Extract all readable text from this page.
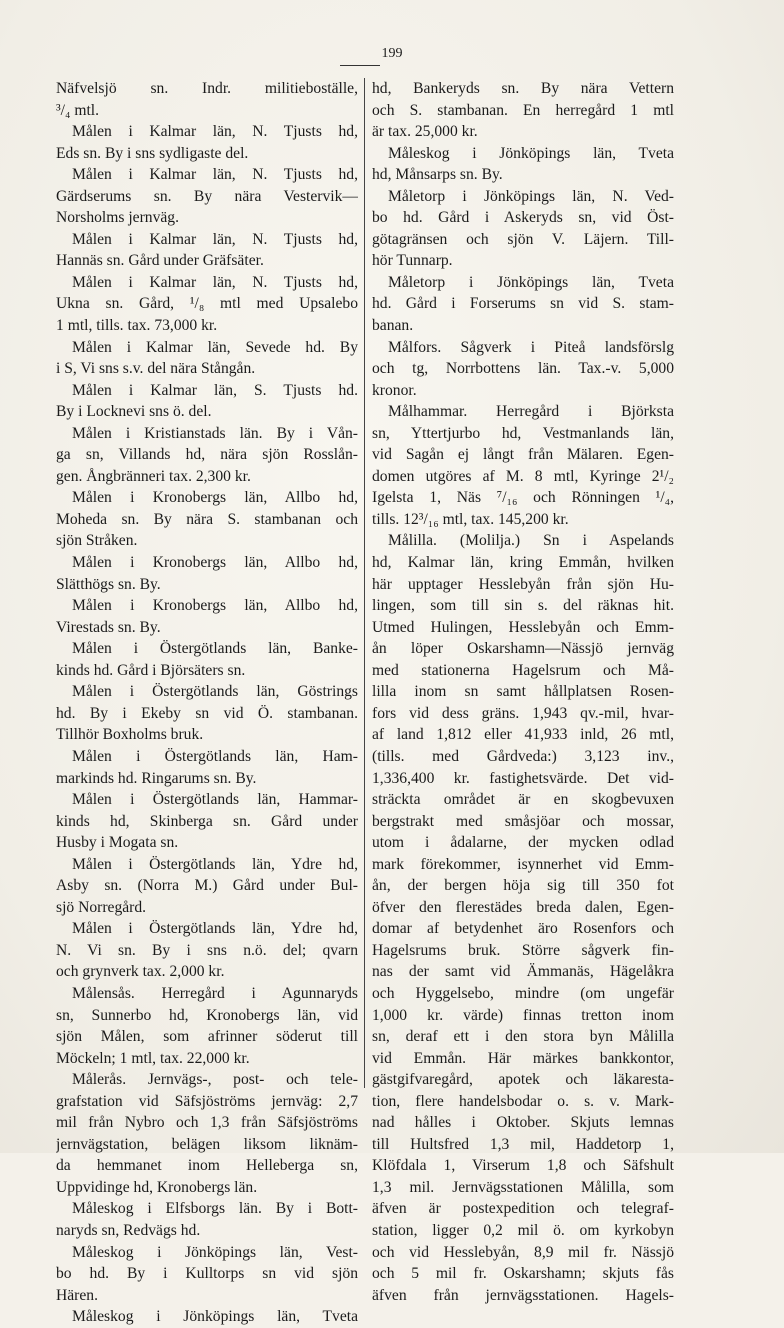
199
Näfvelsjö sn. Indr. militieboställe,
³/₄ mtl.
Målen i Kalmar län, N. Tjusts hd,
Eds sn. By i sns sydligaste del.
Målen i Kalmar län, N. Tjusts hd,
Gärdserums sn. By nära Vestervik—
Norsholms jernväg.
Målen i Kalmar län, N. Tjusts hd,
Hannäs sn. Gård under Gräfsäter.
Målen i Kalmar län, N. Tjusts hd,
Ukna sn. Gård, ¹/₈ mtl med Upsalebo
1 mtl, tills. tax. 73,000 kr.
Målen i Kalmar län, Sevede hd. By
i S, Vi sns s.v. del nära Stångån.
Målen i Kalmar län, S. Tjusts hd.
By i Locknevi sns ö. del.
Målen i Kristianstads län. By i Vån-
ga sn, Villands hd, nära sjön Rosslån-
gen. Ångbränneri tax. 2,300 kr.
Målen i Kronobergs län, Allbo hd,
Moheda sn. By nära S. stambanan och
sjön Stråken.
Målen i Kronobergs län, Allbo hd,
Slätthögs sn. By.
Målen i Kronobergs län, Allbo hd,
Virestads sn. By.
Målen i Östergötlands län, Banke-
kinds hd. Gård i Björsäters sn.
Målen i Östergötlands län, Göstrings
hd. By i Ekeby sn vid Ö. stambanan.
Tillhör Boxholms bruk.
Målen i Östergötlands län, Ham-
markinds hd. Ringarums sn. By.
Målen i Östergötlands län, Hammar-
kinds hd, Skinberga sn. Gård under
Husby i Mogata sn.
Målen i Östergötlands län, Ydre hd,
Asby sn. (Norra M.) Gård under Bul-
sjö Norregård.
Målen i Östergötlands län, Ydre hd,
N. Vi sn. By i sns n.ö. del; qvarn
och grynverk tax. 2,000 kr.
Målensås. Herregård i Agunnaryds
sn, Sunnerbo hd, Kronobergs län, vid
sjön Målen, som afrinner söderut till
Möckeln; 1 mtl, tax. 22,000 kr.
Målerås. Jernvägs-, post- och tele-
grafstation vid Säfsjöströms jernväg: 2,7
mil från Nybro och 1,3 från Säfsjöströms
jernvägstation, belägen liksom liknäm-
da hemmanet inom Helleberga sn,
Uppvidinge hd, Kronobergs län.
Måleskog i Elfsborgs län. By i Bott-
naryds sn, Redvägs hd.
Måleskog i Jönköpings län, Vest-
bo hd. By i Kulltorps sn vid sjön
Hären.
Måleskog i Jönköpings län, Tveta
hd, Bankeryds sn. By nära Vettern
och S. stambanan. En herregård 1 mtl
är tax. 25,000 kr.
Måleskog i Jönköpings län, Tveta
hd, Månsarps sn. By.
Måletorp i Jönköpings län, N. Ved-
bo hd. Gård i Askeryds sn, vid Öst-
götagränsen och sjön V. Läjern. Till-
hör Tunnarp.
Måletorp i Jönköpings län, Tveta
hd. Gård i Forserums sn vid S. stam-
banan.
Målfors. Sågverk i Piteå landsförslg
och tg, Norrbottens län. Tax.-v. 5,000
kronor.
Målhammar. Herregård i Björksta
sn, Yttertjurbo hd, Vestmanlands län,
vid Sagån ej långt från Mälaren. Egen-
domen utgöres af M. 8 mtl, Kyringe 2¹/₂
Igelsta 1, Näs ⁷/₁₆ och Rönningen ¹/₄,
tills. 12³/₁₆ mtl, tax. 145,200 kr.
Målilla. (Molilja.) Sn i Aspelands
hd, Kalmar län, kring Emmån, hvilken
här upptager Hesslebyån från sjön Hu-
lingen, som till sin s. del räknas hit.
Utmed Hulingen, Hesslebyån och Emm-
ån löper Oskarshamn—Nässjö jernväg
med stationerna Hagelsrum och Må-
lilla inom sn samt hållplatsen Rosen-
fors vid dess gräns. 1,943 qv.-mil, hvar-
af land 1,812 eller 41,933 inld, 26 mtl,
(tills. med Gårdveda:) 3,123 inv.,
1,336,400 kr. fastighetsvärde. Det vid-
sträckta området är en skogbevuxen
bergstrakt med småsjöar och mossar,
utom i ådalarne, der mycken odlad
mark förekommer, isynnerhet vid Emm-
ån, der bergen höja sig till 350 fot
öfver den flerestädes breda dalen, Egen-
domar af betydenhet äro Rosenfors och
Hagelsrums bruk. Större sågverk fin-
nas der samt vid Ämmanäs, Hägelåkra
och Hyggelsebo, mindre (om ungefär
1,000 kr. värde) finnas tretton inom
sn, deraf ett i den stora byn Målilla
vid Emmån. Här märkes bankkontor,
gästgifvaregård, apotek och läkaresta-
tion, flere handelsbodar o. s. v. Mark-
nad hålles i Oktober. Skjuts lemnas
till Hultsfred 1,3 mil, Haddetorp 1,
Klöfdala 1, Virserum 1,8 och Säfshult
1,3 mil. Jernvägsstationen Målilla, som
äfven är postexpedition och telegraf-
station, ligger 0,2 mil ö. om kyrkobyn
och vid Hesslebyån, 8,9 mil fr. Nässjö
och 5 mil fr. Oskarshamn; skjuts fås
äfven från jernvägsstationen. Hagels-
